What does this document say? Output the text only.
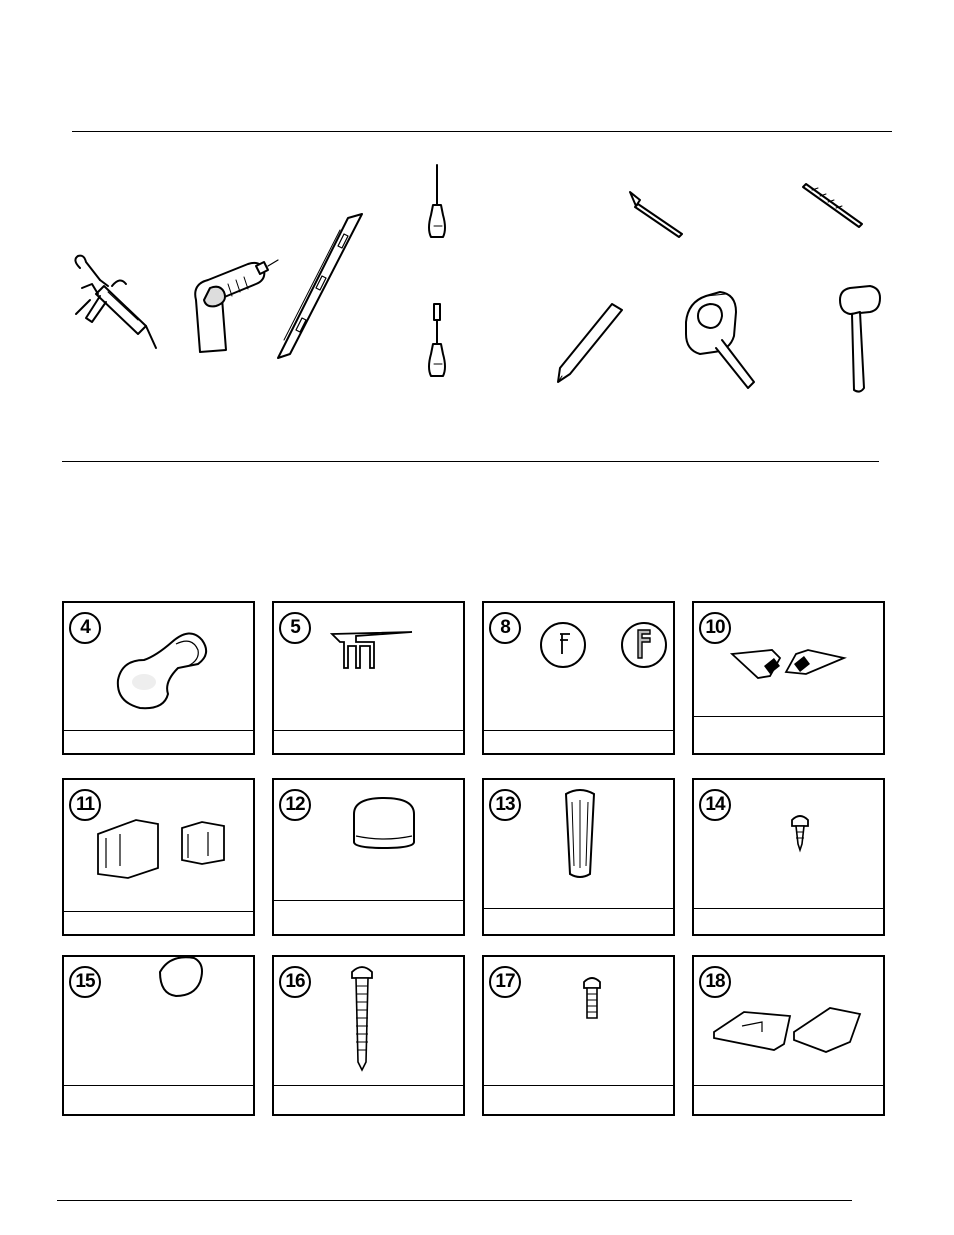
4	5	8	10
11	12	13	14
15	16	17	18
